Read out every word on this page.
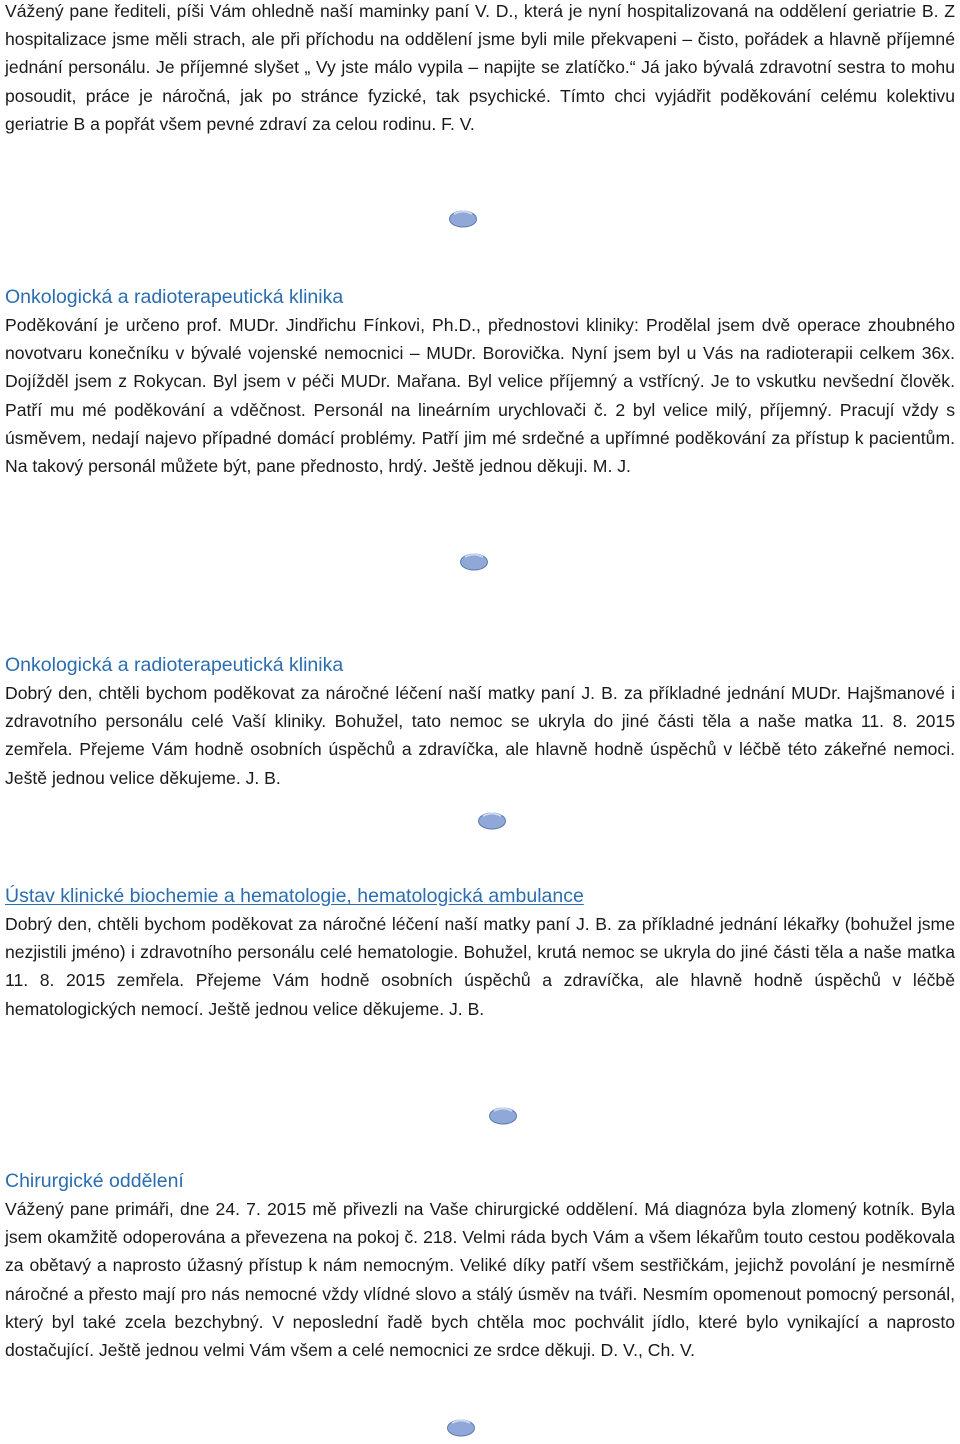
Vážený pane řediteli, píši Vám ohledně naší maminky paní V. D., která je nyní hospitalizovaná na oddělení geriatrie B. Z hospitalizace jsme měli strach, ale při příchodu na oddělení jsme byli mile překvapeni – čisto, pořádek a hlavně příjemné jednání personálu. Je příjemné slyšet „ Vy jste málo vypila – napijte se zlatíčko.“ Já jako bývalá zdravotní sestra to mohu posoudit, práce je náročná, jak po stránce fyzické, tak psychické. Tímto chci vyjádřit poděkování celému kolektivu geriatrie B a popřát všem pevné zdraví za celou rodinu. F. V.

Onkologická a radioterapeutická klinika

Poděkování je určeno prof. MUDr. Jindřichu Fínkovi, Ph.D., přednostovi kliniky: Prodělal jsem dvě operace zhoubného novotvaru konečníku v bývalé vojenské nemocnici – MUDr. Borovička. Nyní jsem byl u Vás na radioterapii celkem 36x. Dojížděl jsem z Rokycan. Byl jsem v péči MUDr. Mařana. Byl velice příjemný a vstřícný. Je to vskutku nevšední člověk. Patří mu mé poděkování a vděčnost. Personál na lineárním urychlovači č. 2 byl velice milý, příjemný. Pracují vždy s úsměvem, nedají najevo případné domácí problémy. Patří jim mé srdečné a upřímné poděkování za přístup k pacientům. Na takový personál můžete být, pane přednosto, hrdý. Ještě jednou děkuji. M. J.

Onkologická a radioterapeutická klinika

Dobrý den, chtěli bychom poděkovat za náročné léčení naší matky paní J. B. za příkladné jednání MUDr. Hajšmanové i zdravotního personálu celé Vaší kliniky. Bohužel, tato nemoc se ukryla do jiné části těla a naše matka 11. 8. 2015 zemřela. Přejeme Vám hodně osobních úspěchů a zdravíčka, ale hlavně hodně úspěchů v léčbě této zákeřné nemoci. Ještě jednou velice děkujeme. J. B.

Ústav klinické biochemie a hematologie, hematologická ambulance

Dobrý den, chtěli bychom poděkovat za náročné léčení naší matky paní J. B. za příkladné jednání lékařky (bohužel jsme nezjistili jméno) i zdravotního personálu celé hematologie. Bohužel, krutá nemoc se ukryla do jiné části těla a naše matka 11. 8. 2015 zemřela. Přejeme Vám hodně osobních úspěchů a zdravíčka, ale hlavně hodně úspěchů v léčbě hematologických nemocí. Ještě jednou velice děkujeme. J. B.

Chirurgické oddělení

Vážený pane primáři, dne 24. 7. 2015 mě přivezli na Vaše chirurgické oddělení. Má diagnóza byla zlomený kotník. Byla jsem okamžitě odoperována a převezena na pokoj č. 218. Velmi ráda bych Vám a všem lékařům touto cestou poděkovala za obětavý a naprosto úžasný přístup k nám nemocným. Veliké díky patří všem sestřičkám, jejichž povolání je nesmírně náročné a přesto mají pro nás nemocné vždy vlídné slovo a stálý úsměv na tváři. Nesmím opomenout pomocný personál, který byl také zcela bezchybný. V neposlední řadě bych chtěla moc pochválit jídlo, které bylo vynikající a naprosto dostačující. Ještě jednou velmi Vám všem a celé nemocnici ze srdce děkuji. D. V., Ch. V.
